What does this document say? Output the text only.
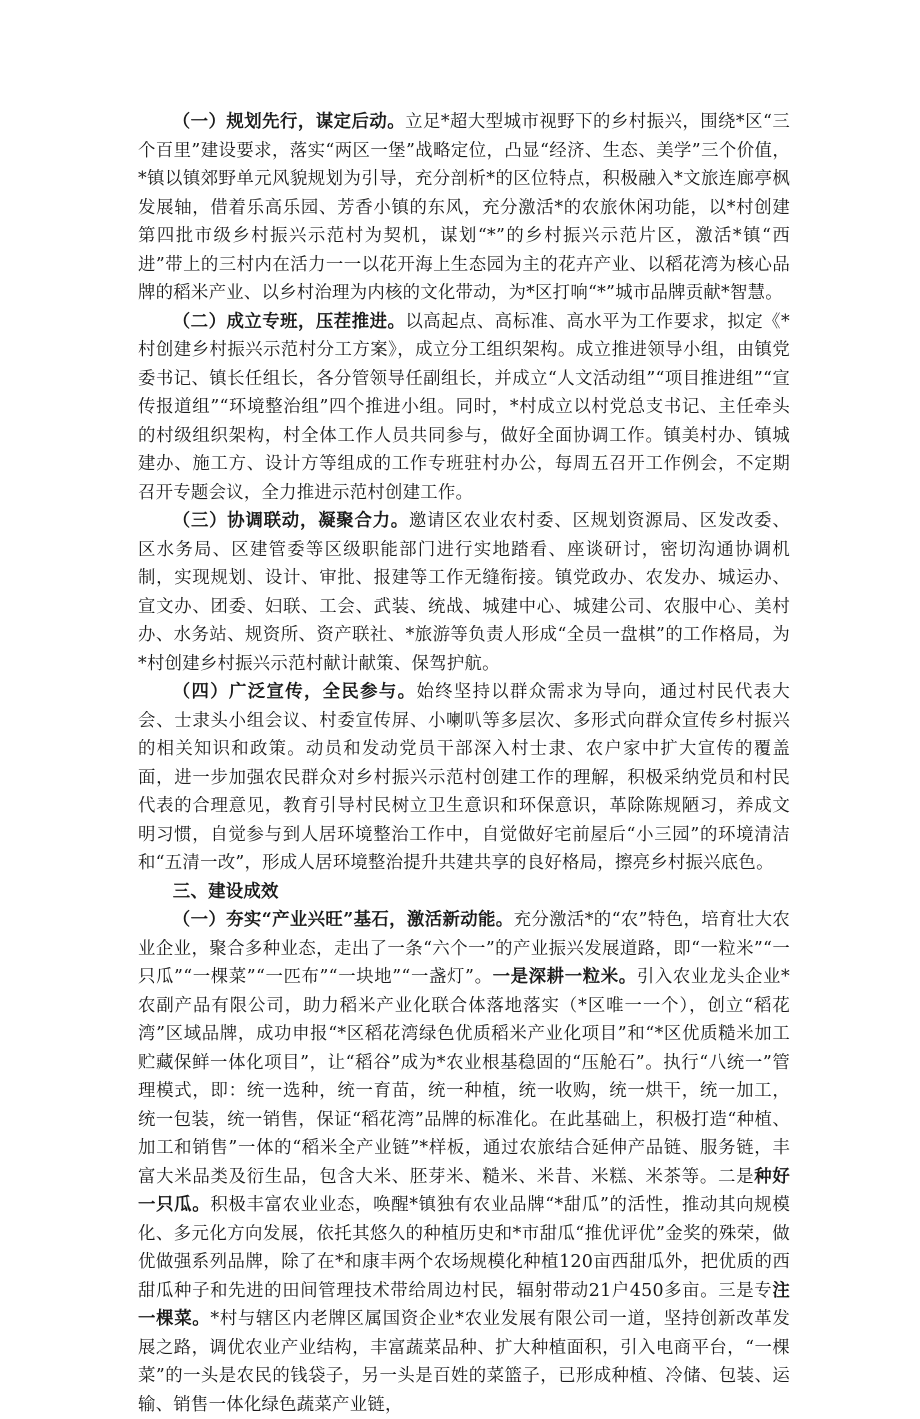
（一）规划先行，谋定后动。立足*超大型城市视野下的乡村振兴，围绕*区“三个百里”建设要求，落实“两区一堡”战略定位，凸显“经济、生态、美学”三个价值，*镇以镇郊野单元风貌规划为引导，充分剖析*的区位特点，积极融入*文旅连廊亭枫发展轴，借着乐高乐园、芳香小镇的东风，充分激活*的农旅休闲功能，以*村创建第四批市级乡村振兴示范村为契机，谋划“*”的乡村振兴示范片区，激活*镇“西进”带上的三村内在活力一一以花开海上生态园为主的花卉产业、以稻花湾为核心品牌的稻米产业、以乡村治理为内核的文化带动，为*区打响“*”城市品牌贡献*智慧。

（二）成立专班，压茬推进。以高起点、高标准、高水平为工作要求，拟定《*村创建乡村振兴示范村分工方案》，成立分工组织架构。成立推进领导小组，由镇党委书记、镇长任组长，各分管领导任副组长，并成立“人文活动组”“项目推进组”“宣传报道组”“环境整治组”四个推进小组。同时，*村成立以村党总支书记、主任牵头的村级组织架构，村全体工作人员共同参与，做好全面协调工作。镇美村办、镇城建办、施工方、设计方等组成的工作专班驻村办公，每周五召开工作例会，不定期召开专题会议，全力推进示范村创建工作。

（三）协调联动，凝聚合力。邀请区农业农村委、区规划资源局、区发改委、区水务局、区建管委等区级职能部门进行实地踏看、座谈研讨，密切沟通协调机制，实现规划、设计、审批、报建等工作无缝衔接。镇党政办、农发办、城运办、宣文办、团委、妇联、工会、武装、统战、城建中心、城建公司、农服中心、美村办、水务站、规资所、资产联社、*旅游等负责人形成“全员一盘棋”的工作格局，为*村创建乡村振兴示范村献计献策、保驾护航。

（四）广泛宣传，全民参与。始终坚持以群众需求为导向，通过村民代表大会、士隶头小组会议、村委宣传屏、小喇叭等多层次、多形式向群众宣传乡村振兴的相关知识和政策。动员和发动党员干部深入村士隶、农户家中扩大宣传的覆盖面，进一步加强农民群众对乡村振兴示范村创建工作的理解，积极采纳党员和村民代表的合理意见，教育引导村民树立卫生意识和环保意识，革除陈规陋习，养成文明习惯，自觉参与到人居环境整治工作中，自觉做好宅前屋后“小三园”的环境清洁和“五清一改”，形成人居环境整治提升共建共享的良好格局，擦亮乡村振兴底色。

三、建设成效

（一）夯实“产业兴旺”基石，激活新动能。充分激活*的“农”特色，培育壮大农业企业，聚合多种业态，走出了一条“六个一”的产业振兴发展道路，即“一粒米”“一只瓜”“一棵菜”“一匹布”“一块地”“一盏灯”。一是深耕一粒米。引入农业龙头企业*农副产品有限公司，助力稻米产业化联合体落地落实（*区唯一一个），创立“稻花湾”区域品牌，成功申报“*区稻花湾绿色优质稻米产业化项目”和“*区优质糙米加工贮藏保鲜一体化项目”，让“稻谷”成为*农业根基稳固的“压舱石”。执行“八统一”管理模式，即：统一选种，统一育苗，统一种植，统一收购，统一烘干，统一加工，统一包装，统一销售，保证“稻花湾”品牌的标准化。在此基础上，积极打造“种植、加工和销售”一体的“稻米全产业链”*样板，通过农旅结合延伸产品链、服务链，丰富大米品类及衍生品，包含大米、胚芽米、糙米、米昔、米糕、米茶等。二是种好一只瓜。积极丰富农业业态，唤醒*镇独有农业品牌“*甜瓜”的活性，推动其向规模化、多元化方向发展，依托其悠久的种植历史和*市甜瓜“推优评优”金奖的殊荣，做优做强系列品牌，除了在*和康丰两个农场规模化种植120亩西甜瓜外，把优质的西甜瓜种子和先进的田间管理技术带给周边村民，辐射带动21户450多亩。三是专注一棵菜。*村与辖区内老牌区属国资企业*农业发展有限公司一道，坚持创新改革发展之路，调优农业产业结构，丰富蔬菜品种、扩大种植面积，引入电商平台，“一棵菜”的一头是农民的钱袋子，另一头是百姓的菜篮子，已形成种植、冷储、包装、运输、销售一体化绿色蔬菜产业链，
